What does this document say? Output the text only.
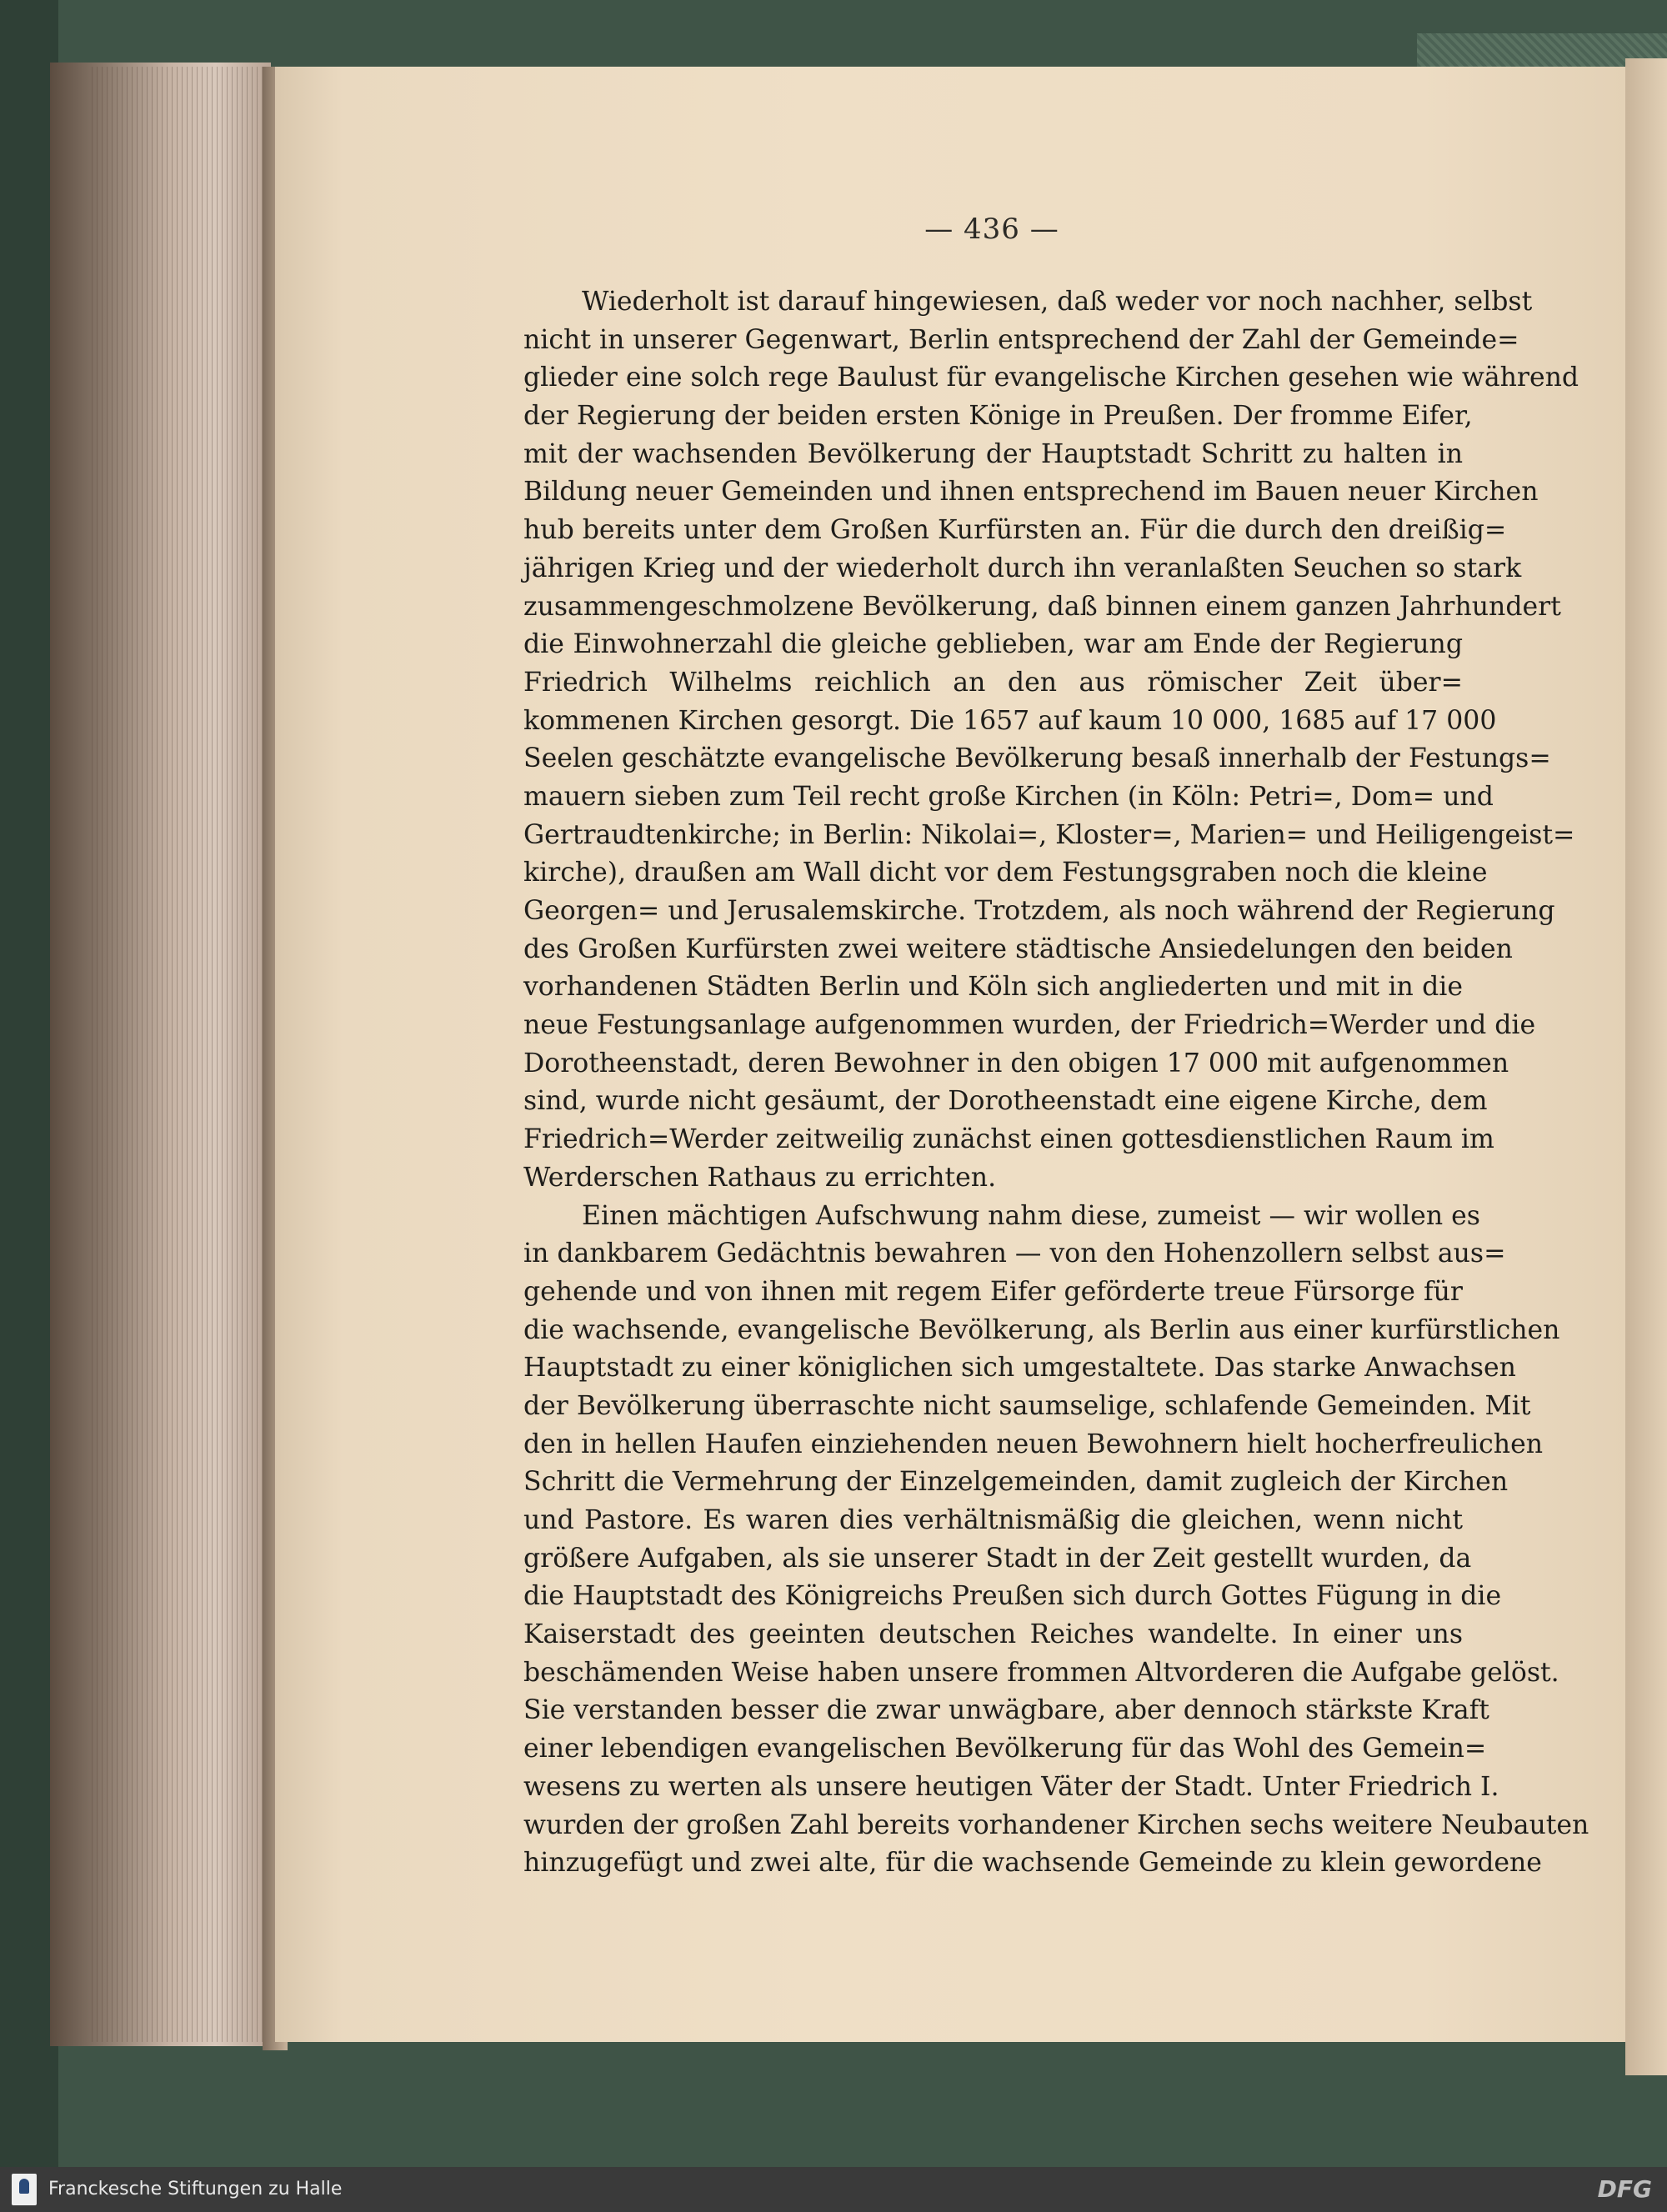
— 436 —
Wiederholt ist darauf hingewiesen, daß weder vor noch nachher, selbst
nicht in unserer Gegenwart, Berlin entsprechend der Zahl der Gemeinde=
glieder eine solch rege Baulust für evangelische Kirchen gesehen wie während
der Regierung der beiden ersten Könige in Preußen. Der fromme Eifer,
mit der wachsenden Bevölkerung der Hauptstadt Schritt zu halten in
Bildung neuer Gemeinden und ihnen entsprechend im Bauen neuer Kirchen
hub bereits unter dem Großen Kurfürsten an. Für die durch den dreißig=
jährigen Krieg und der wiederholt durch ihn veranlaßten Seuchen so stark
zusammengeschmolzene Bevölkerung, daß binnen einem ganzen Jahrhundert
die Einwohnerzahl die gleiche geblieben, war am Ende der Regierung
Friedrich Wilhelms reichlich an den aus römischer Zeit über=
kommenen Kirchen gesorgt. Die 1657 auf kaum 10 000, 1685 auf 17 000
Seelen geschätzte evangelische Bevölkerung besaß innerhalb der Festungs=
mauern sieben zum Teil recht große Kirchen (in Köln: Petri=, Dom= und
Gertraudtenkirche; in Berlin: Nikolai=, Kloster=, Marien= und Heiligengeist=
kirche), draußen am Wall dicht vor dem Festungsgraben noch die kleine
Georgen= und Jerusalemskirche. Trotzdem, als noch während der Regierung
des Großen Kurfürsten zwei weitere städtische Ansiedelungen den beiden
vorhandenen Städten Berlin und Köln sich angliederten und mit in die
neue Festungsanlage aufgenommen wurden, der Friedrich=Werder und die
Dorotheenstadt, deren Bewohner in den obigen 17 000 mit aufgenommen
sind, wurde nicht gesäumt, der Dorotheenstadt eine eigene Kirche, dem
Friedrich=Werder zeitweilig zunächst einen gottesdienstlichen Raum im
Werderschen Rathaus zu errichten.
Einen mächtigen Aufschwung nahm diese, zumeist — wir wollen es
in dankbarem Gedächtnis bewahren — von den Hohenzollern selbst aus=
gehende und von ihnen mit regem Eifer geförderte treue Fürsorge für
die wachsende, evangelische Bevölkerung, als Berlin aus einer kurfürstlichen
Hauptstadt zu einer königlichen sich umgestaltete. Das starke Anwachsen
der Bevölkerung überraschte nicht saumselige, schlafende Gemeinden. Mit
den in hellen Haufen einziehenden neuen Bewohnern hielt hocherfreulichen
Schritt die Vermehrung der Einzelgemeinden, damit zugleich der Kirchen
und Pastore. Es waren dies verhältnismäßig die gleichen, wenn nicht
größere Aufgaben, als sie unserer Stadt in der Zeit gestellt wurden, da
die Hauptstadt des Königreichs Preußen sich durch Gottes Fügung in die
Kaiserstadt des geeinten deutschen Reiches wandelte. In einer uns
beschämenden Weise haben unsere frommen Altvorderen die Aufgabe gelöst.
Sie verstanden besser die zwar unwägbare, aber dennoch stärkste Kraft
einer lebendigen evangelischen Bevölkerung für das Wohl des Gemein=
wesens zu werten als unsere heutigen Väter der Stadt. Unter Friedrich I.
wurden der großen Zahl bereits vorhandener Kirchen sechs weitere Neubauten
hinzugefügt und zwei alte, für die wachsende Gemeinde zu klein gewordene
Franckesche Stiftungen zu Halle	DFG
